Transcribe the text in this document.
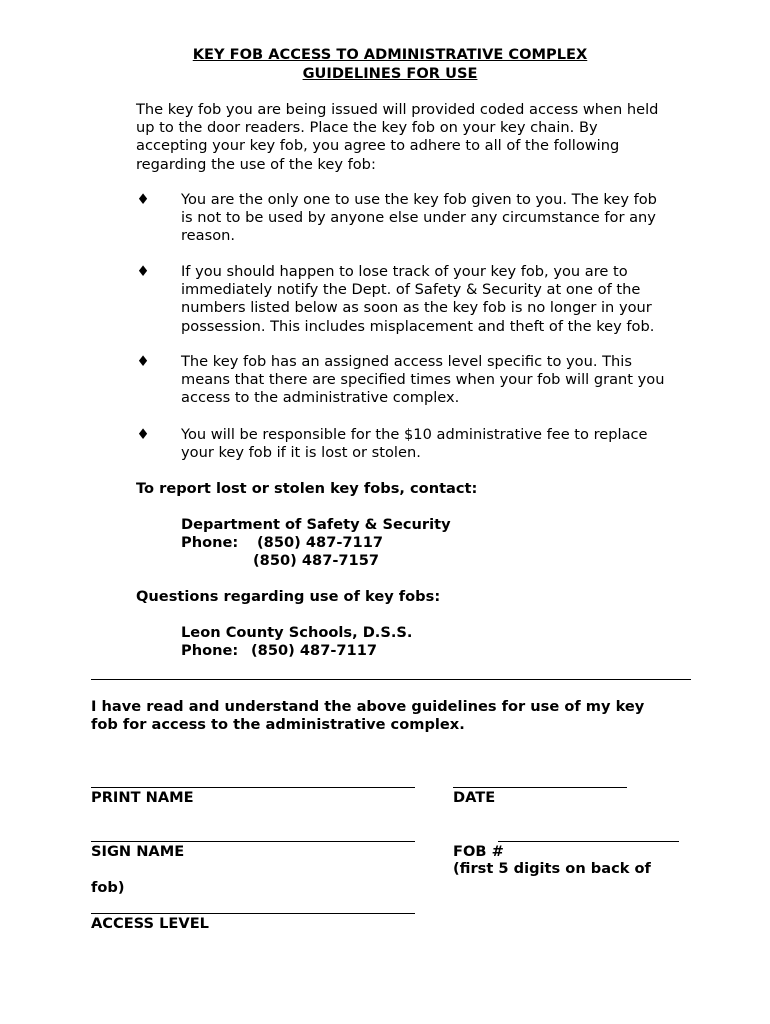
KEY FOB ACCESS TO ADMINISTRATIVE COMPLEX
GUIDELINES FOR USE
The key fob you are being issued will provided coded access when held
up to the door readers. Place the key fob on your key chain. By
accepting your key fob, you agree to adhere to all of the following
regarding the use of the key fob:
♦ You are the only one to use the key fob given to you. The key fob
is not to be used by anyone else under any circumstance for any
reason.
♦ If you should happen to lose track of your key fob, you are to
immediately notify the Dept. of Safety & Security at one of the
numbers listed below as soon as the key fob is no longer in your
possession. This includes misplacement and theft of the key fob.
♦ The key fob has an assigned access level specific to you. This
means that there are specified times when your fob will grant you
access to the administrative complex.
♦ You will be responsible for the $10 administrative fee to replace
your key fob if it is lost or stolen.
To report lost or stolen key fobs, contact:
Department of Safety & Security
Phone: (850) 487-7117
(850) 487-7157
Questions regarding use of key fobs:
Leon County Schools, D.S.S.
Phone: (850) 487-7117
I have read and understand the above guidelines for use of my key
fob for access to the administrative complex.
PRINT NAME	DATE
SIGN NAME	FOB #
(first 5 digits on back of
fob)
ACCESS LEVEL
